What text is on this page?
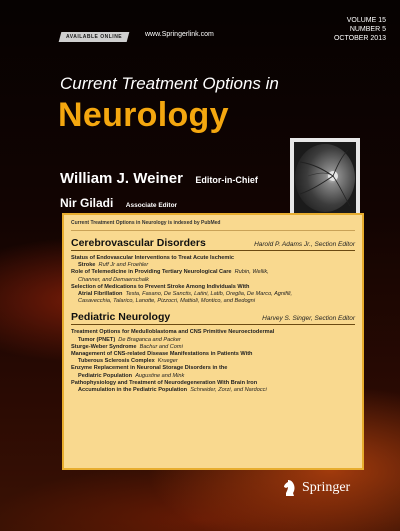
AVAILABLE ONLINE	www.Springerlink.com
VOLUME 15
NUMBER 5
OCTOBER 2013
Current Treatment Options in
Neurology
William J. Weiner Editor-in-Chief
Nir Giladi Associate Editor
Current Treatment Options in Neurology is indexed by PubMed
Cerebrovascular Disorders	Harold P. Adams Jr., Section Editor
Status of Endovascular Interventions to Treat Acute Ischemic
Stroke Ruff Jr and Froehler
Role of Telemedicine in Providing Tertiary Neurological Care Rubin, Wellik,
Channer, and Demaerschalk
Selection of Medications to Prevent Stroke Among Individuals With
Atrial Fibrillation Testa, Fasano, De Sanctis, Latini, Latib, Oreglia, De Marco, Agnifili,
Casavecchia, Talarico, Lanotte, Pizzocri, Mattioli, Montico, and Bedogni
Pediatric Neurology	Harvey S. Singer, Section Editor
Treatment Options for Medulloblastoma and CNS Primitive Neuroectodermal
Tumor (PNET) De Braganca and Packer
Sturge-Weber Syndrome Bachur and Comi
Management of CNS-related Disease Manifestations in Patients With
Tuberous Sclerosis Complex Krueger
Enzyme Replacement in Neuronal Storage Disorders in the
Pediatric Population Augustine and Mink
Pathophysiology and Treatment of Neurodegeneration With Brain Iron
Accumulation in the Pediatric Population Schneider, Zorzi, and Nardocci
Springer
